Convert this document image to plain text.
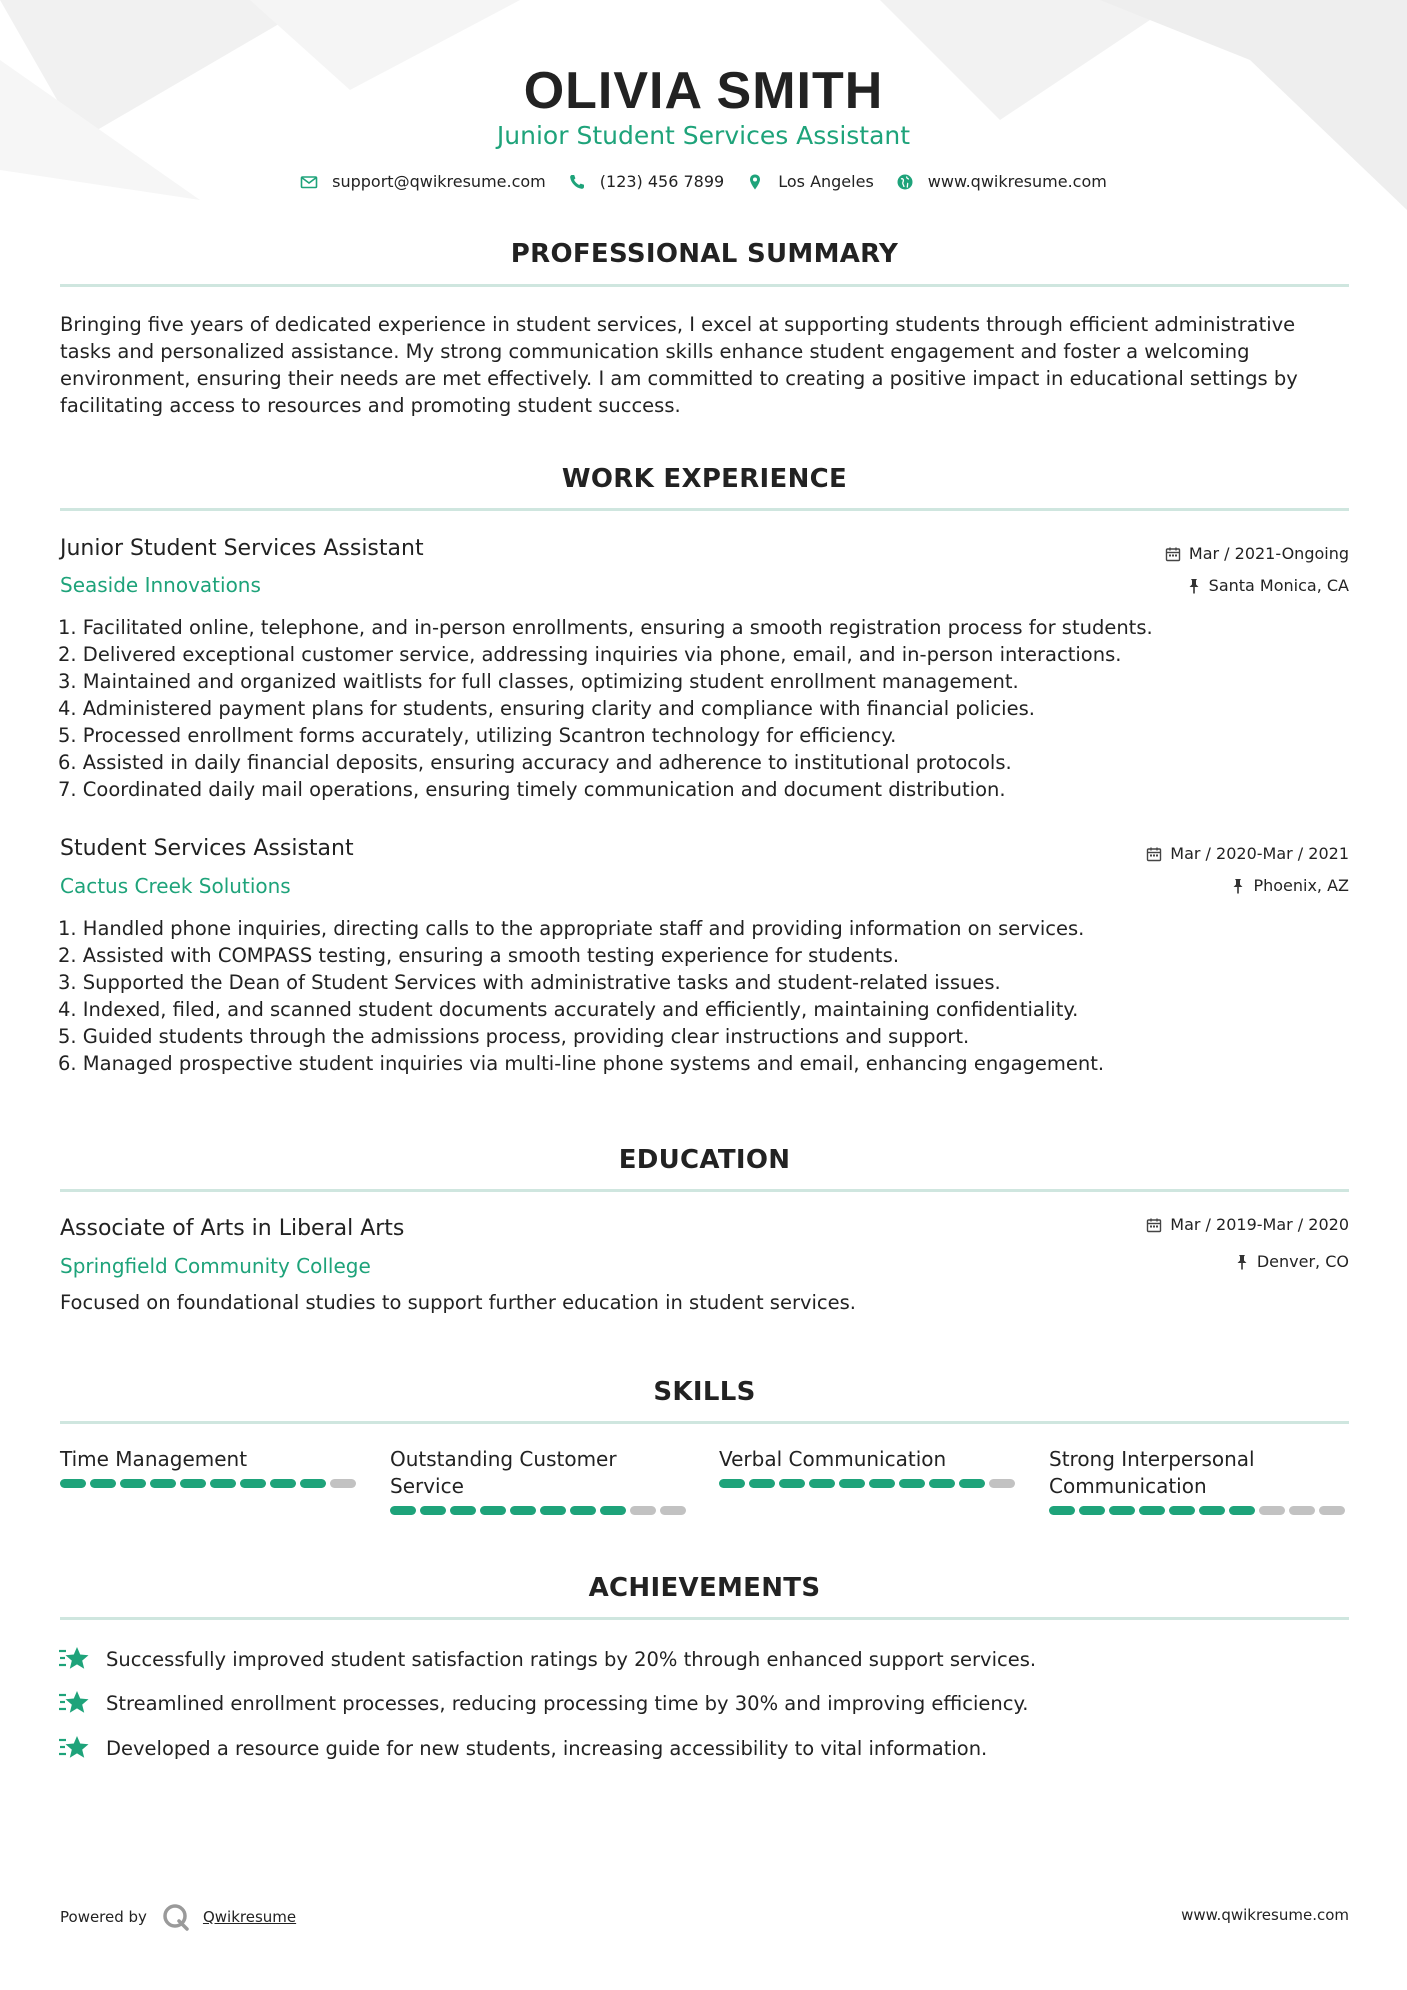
OLIVIA SMITH
Junior Student Services Assistant
support@qwikresume.com	(123) 456 7899	Los Angeles	www.qwikresume.com
PROFESSIONAL SUMMARY
Bringing five years of dedicated experience in student services, I excel at supporting students through efficient administrative tasks and personalized assistance. My strong communication skills enhance student engagement and foster a welcoming environment, ensuring their needs are met effectively. I am committed to creating a positive impact in educational settings by facilitating access to resources and promoting student success.
WORK EXPERIENCE
Junior Student Services Assistant
Seaside Innovations
Mar / 2021-Ongoing
Santa Monica, CA
1. Facilitated online, telephone, and in-person enrollments, ensuring a smooth registration process for students.
2. Delivered exceptional customer service, addressing inquiries via phone, email, and in-person interactions.
3. Maintained and organized waitlists for full classes, optimizing student enrollment management.
4. Administered payment plans for students, ensuring clarity and compliance with financial policies.
5. Processed enrollment forms accurately, utilizing Scantron technology for efficiency.
6. Assisted in daily financial deposits, ensuring accuracy and adherence to institutional protocols.
7. Coordinated daily mail operations, ensuring timely communication and document distribution.
Student Services Assistant
Cactus Creek Solutions
Mar / 2020-Mar / 2021
Phoenix, AZ
1. Handled phone inquiries, directing calls to the appropriate staff and providing information on services.
2. Assisted with COMPASS testing, ensuring a smooth testing experience for students.
3. Supported the Dean of Student Services with administrative tasks and student-related issues.
4. Indexed, filed, and scanned student documents accurately and efficiently, maintaining confidentiality.
5. Guided students through the admissions process, providing clear instructions and support.
6. Managed prospective student inquiries via multi-line phone systems and email, enhancing engagement.
EDUCATION
Associate of Arts in Liberal Arts
Springfield Community College
Mar / 2019-Mar / 2020
Denver, CO
Focused on foundational studies to support further education in student services.
SKILLS
Time Management	Outstanding Customer Service
Verbal Communication	Strong Interpersonal Communication
ACHIEVEMENTS
Successfully improved student satisfaction ratings by 20% through enhanced support services.
Streamlined enrollment processes, reducing processing time by 30% and improving efficiency.
Developed a resource guide for new students, increasing accessibility to vital information.
Powered by	Qwikresume	www.qwikresume.com
